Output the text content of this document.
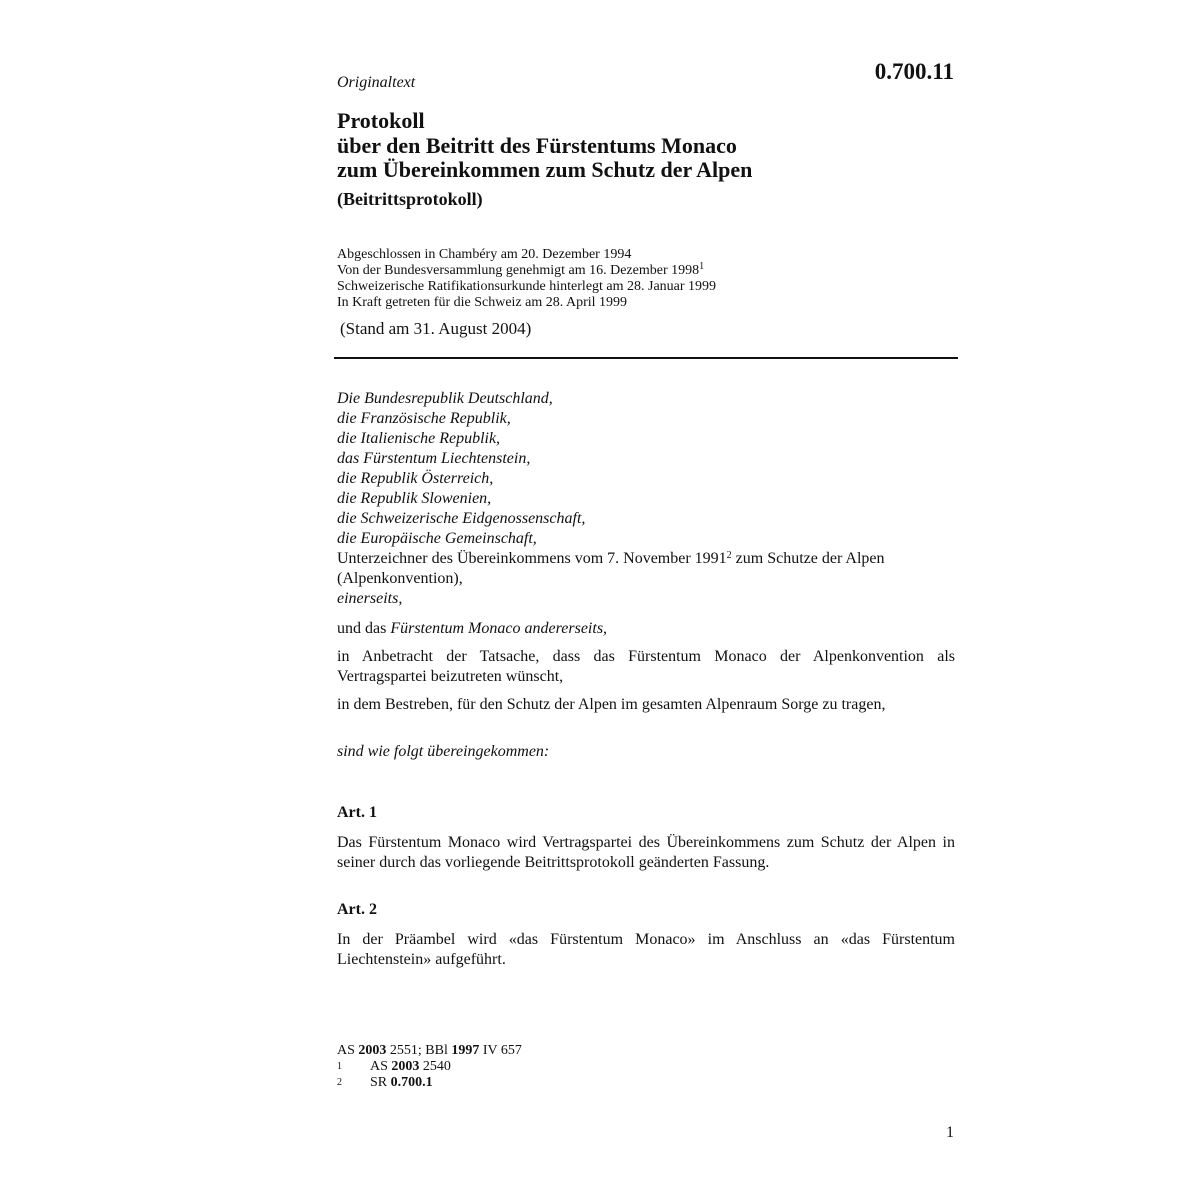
0.700.11
Originaltext
Protokoll
über den Beitritt des Fürstentums Monaco
zum Übereinkommen zum Schutz der Alpen
(Beitrittsprotokoll)
Abgeschlossen in Chambéry am 20. Dezember 1994
Von der Bundesversammlung genehmigt am 16. Dezember 1998$^1$
Schweizerische Ratifikationsurkunde hinterlegt am 28. Januar 1999
In Kraft getreten für die Schweiz am 28. April 1999
(Stand am 31. August 2004)
Die Bundesrepublik Deutschland,
die Französische Republik,
die Italienische Republik,
das Fürstentum Liechtenstein,
die Republik Österreich,
die Republik Slowenien,
die Schweizerische Eidgenossenschaft,
die Europäische Gemeinschaft,
Unterzeichner des Übereinkommens vom 7. November 1991$^2$ zum Schutze der Alpen (Alpenkonvention),
einerseits,
und das Fürstentum Monaco andererseits,
in Anbetracht der Tatsache, dass das Fürstentum Monaco der Alpenkonvention als Vertragspartei beizutreten wünscht,
in dem Bestreben, für den Schutz der Alpen im gesamten Alpenraum Sorge zu tragen,
sind wie folgt übereingekommen:
Art. 1
Das Fürstentum Monaco wird Vertragspartei des Übereinkommens zum Schutz der Alpen in seiner durch das vorliegende Beitrittsprotokoll geänderten Fassung.
Art. 2
In der Präambel wird «das Fürstentum Monaco» im Anschluss an «das Fürstentum Liechtenstein» aufgeführt.
AS 2003 2551; BBl 1997 IV 657
1	AS 2003 2540
2	SR 0.700.1
1
